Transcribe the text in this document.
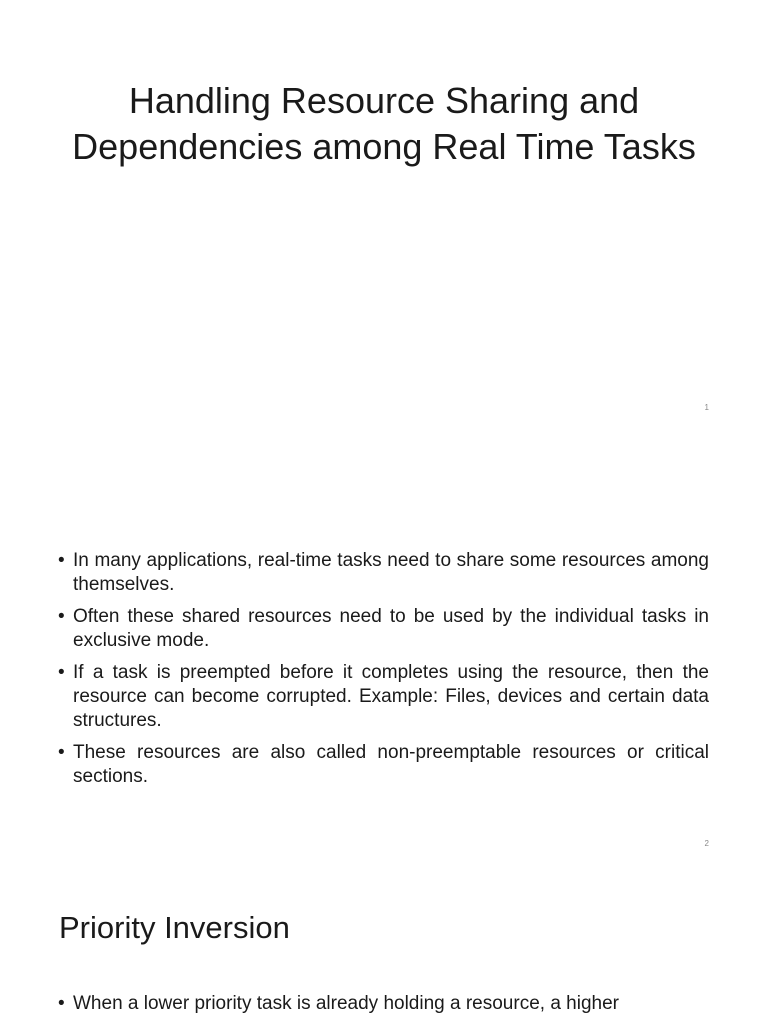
Handling Resource Sharing and Dependencies among Real Time Tasks
1
• In many applications, real-time tasks need to share some resources among themselves.
• Often these shared resources need to be used by the individual tasks in exclusive mode.
• If a task is preempted before it completes using the resource, then the resource can become corrupted. Example: Files, devices and certain data structures.
• These resources are also called non-preemptable resources or critical sections.
2
Priority Inversion
• When a lower priority task is already holding a resource, a higher
